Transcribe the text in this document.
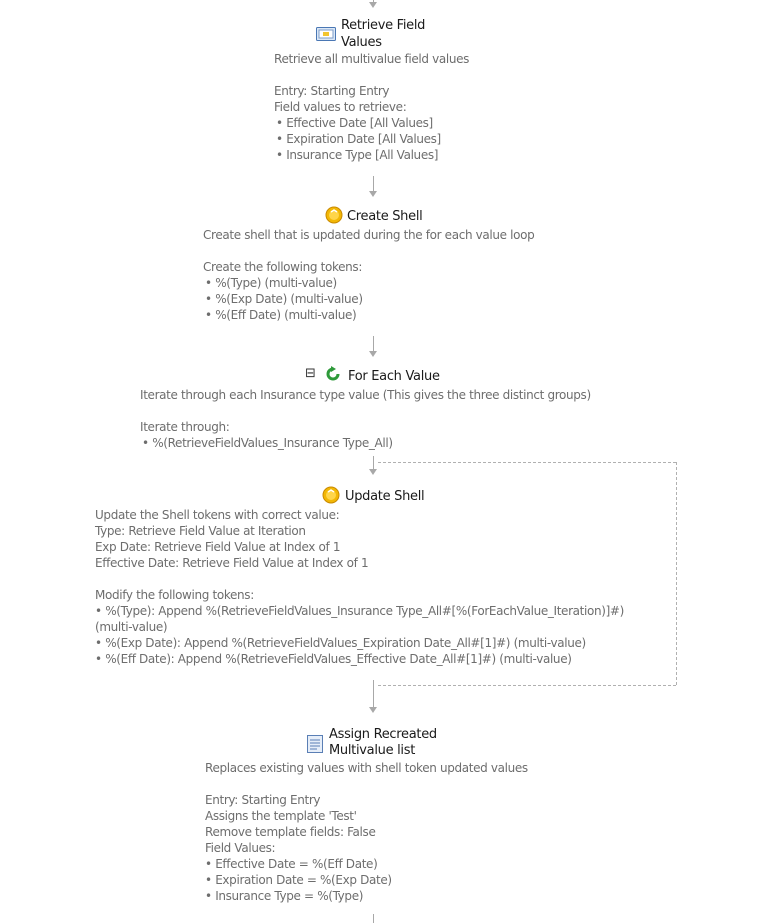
Retrieve Field
Values
Retrieve all multivalue field values
Entry: Starting Entry
Field values to retrieve:
• Effective Date [All Values]
• Expiration Date [All Values]
• Insurance Type [All Values]
Create Shell
Create shell that is updated during the for each value loop
Create the following tokens:
• %(Type) (multi-value)
• %(Exp Date) (multi-value)
• %(Eff Date) (multi-value)
⊟ For Each Value
Iterate through each Insurance type value (This gives the three distinct groups)
Iterate through:
• %(RetrieveFieldValues_Insurance Type_All)
Update Shell
Update the Shell tokens with correct value:
Type: Retrieve Field Value at Iteration
Exp Date: Retrieve Field Value at Index of 1
Effective Date: Retrieve Field Value at Index of 1
Modify the following tokens:
• %(Type): Append %(RetrieveFieldValues_Insurance Type_All#[%(ForEachValue_Iteration)]#)
(multi-value)
• %(Exp Date): Append %(RetrieveFieldValues_Expiration Date_All#[1]#) (multi-value)
• %(Eff Date): Append %(RetrieveFieldValues_Effective Date_All#[1]#) (multi-value)
Assign Recreated
Multivalue list
Replaces existing values with shell token updated values
Entry: Starting Entry
Assigns the template 'Test'
Remove template fields: False
Field Values:
• Effective Date = %(Eff Date)
• Expiration Date = %(Exp Date)
• Insurance Type = %(Type)
